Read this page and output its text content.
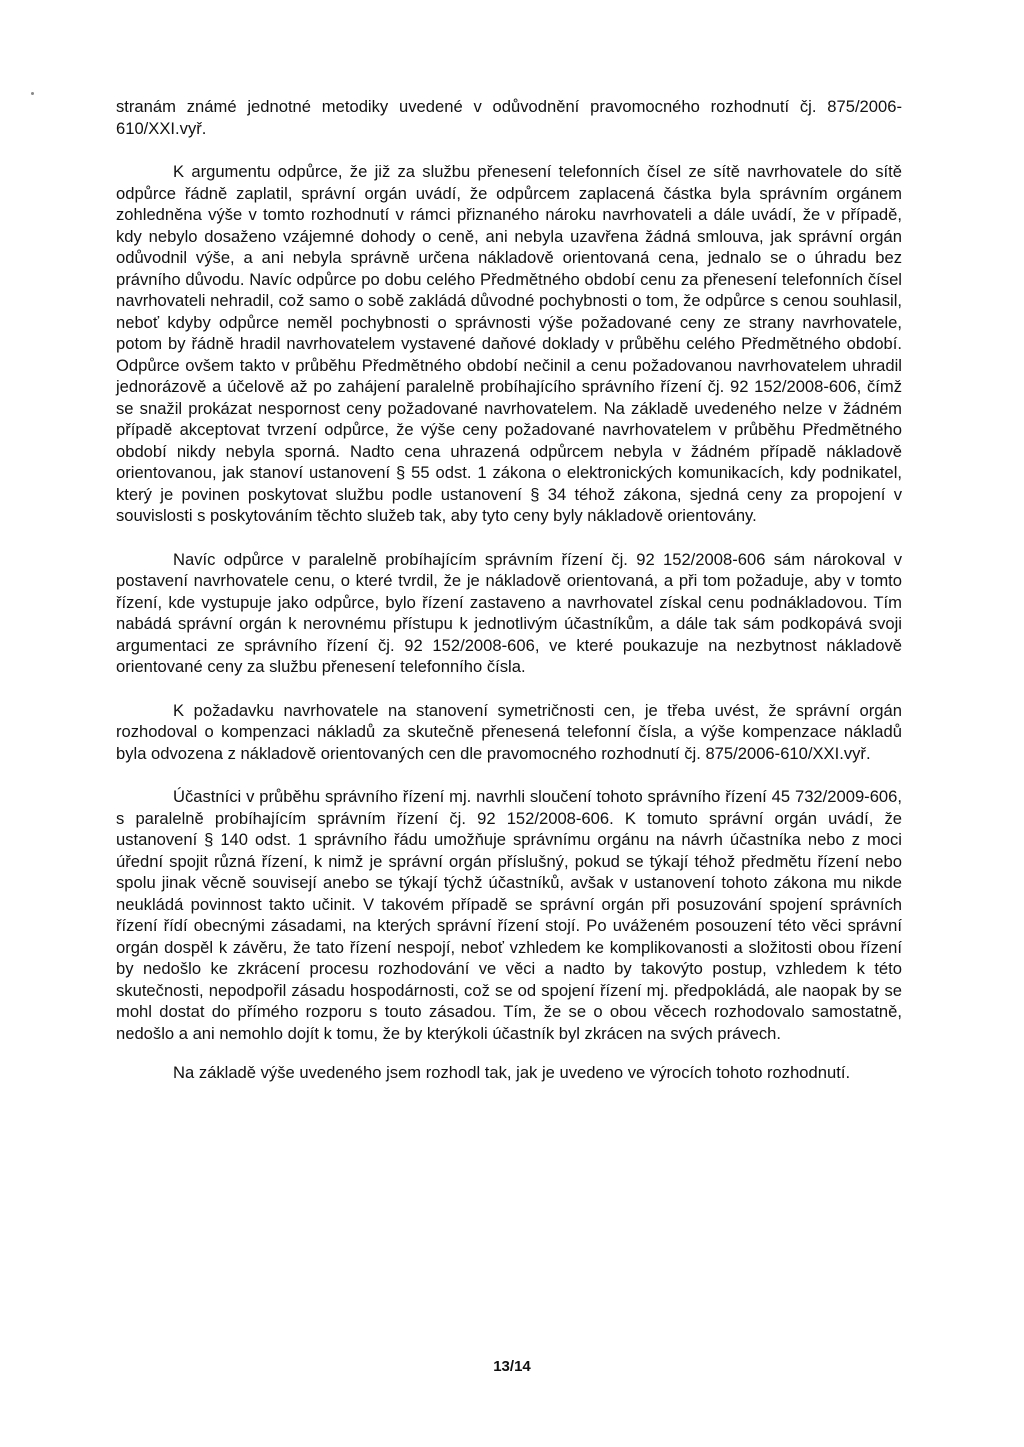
stranám známé jednotné metodiky uvedené v odůvodnění pravomocného rozhodnutí čj. 875/2006-610/XXI.vyř.

K argumentu odpůrce, že již za službu přenesení telefonních čísel ze sítě navrhovatele do sítě odpůrce řádně zaplatil, správní orgán uvádí, že odpůrcem zaplacená částka byla správním orgánem zohledněna výše v tomto rozhodnutí v rámci přiznaného nároku navrhovateli a dále uvádí, že v případě, kdy nebylo dosaženo vzájemné dohody o ceně, ani nebyla uzavřena žádná smlouva, jak správní orgán odůvodnil výše, a ani nebyla správně určena nákladově orientovaná cena, jednalo se o úhradu bez právního důvodu. Navíc odpůrce po dobu celého Předmětného období cenu za přenesení telefonních čísel navrhovateli nehradil, což samo o sobě zakládá důvodné pochybnosti o tom, že odpůrce s cenou souhlasil, neboť kdyby odpůrce neměl pochybnosti o správnosti výše požadované ceny ze strany navrhovatele, potom by řádně hradil navrhovatelem vystavené daňové doklady v průběhu celého Předmětného období. Odpůrce ovšem takto v průběhu Předmětného období nečinil a cenu požadovanou navrhovatelem uhradil jednorázově a účelově až po zahájení paralelně probíhajícího správního řízení čj. 92 152/2008-606, čímž se snažil prokázat nespornost ceny požadované navrhovatelem. Na základě uvedeného nelze v žádném případě akceptovat tvrzení odpůrce, že výše ceny požadované navrhovatelem v průběhu Předmětného období nikdy nebyla sporná. Nadto cena uhrazená odpůrcem nebyla v žádném případě nákladově orientovanou, jak stanoví ustanovení § 55 odst. 1 zákona o elektronických komunikacích, kdy podnikatel, který je povinen poskytovat službu podle ustanovení § 34 téhož zákona, sjedná ceny za propojení v souvislosti s poskytováním těchto služeb tak, aby tyto ceny byly nákladově orientovány.

Navíc odpůrce v paralelně probíhajícím správním řízení čj. 92 152/2008-606 sám nárokoval v postavení navrhovatele cenu, o které tvrdil, že je nákladově orientovaná, a při tom požaduje, aby v tomto řízení, kde vystupuje jako odpůrce, bylo řízení zastaveno a navrhovatel získal cenu podnákladovou. Tím nabádá správní orgán k nerovnému přístupu k jednotlivým účastníkům, a dále tak sám podkopává svoji argumentaci ze správního řízení čj. 92 152/2008-606, ve které poukazuje na nezbytnost nákladově orientované ceny za službu přenesení telefonního čísla.

K požadavku navrhovatele na stanovení symetričnosti cen, je třeba uvést, že správní orgán rozhodoval o kompenzaci nákladů za skutečně přenesená telefonní čísla, a výše kompenzace nákladů byla odvozena z nákladově orientovaných cen dle pravomocného rozhodnutí čj. 875/2006-610/XXI.vyř.

Účastníci v průběhu správního řízení mj. navrhli sloučení tohoto správního řízení 45 732/2009-606, s paralelně probíhajícím správním řízení čj. 92 152/2008-606. K tomuto správní orgán uvádí, že ustanovení § 140 odst. 1 správního řádu umožňuje správnímu orgánu na návrh účastníka nebo z moci úřední spojit různá řízení, k nimž je správní orgán příslušný, pokud se týkají téhož předmětu řízení nebo spolu jinak věcně souvisejí anebo se týkají týchž účastníků, avšak v ustanovení tohoto zákona mu nikde neukládá povinnost takto učinit. V takovém případě se správní orgán při posuzování spojení správních řízení řídí obecnými zásadami, na kterých správní řízení stojí. Po uváženém posouzení této věci správní orgán dospěl k závěru, že tato řízení nespojí, neboť vzhledem ke komplikovanosti a složitosti obou řízení by nedošlo ke zkrácení procesu rozhodování ve věci a nadto by takovýto postup, vzhledem k této skutečnosti, nepodpořil zásadu hospodárnosti, což se od spojení řízení mj. předpokládá, ale naopak by se mohl dostat do přímého rozporu s touto zásadou. Tím, že se o obou věcech rozhodovalo samostatně, nedošlo a ani nemohlo dojít k tomu, že by kterýkoli účastník byl zkrácen na svých právech.

Na základě výše uvedeného jsem rozhodl tak, jak je uvedeno ve výrocích tohoto rozhodnutí.

13/14
